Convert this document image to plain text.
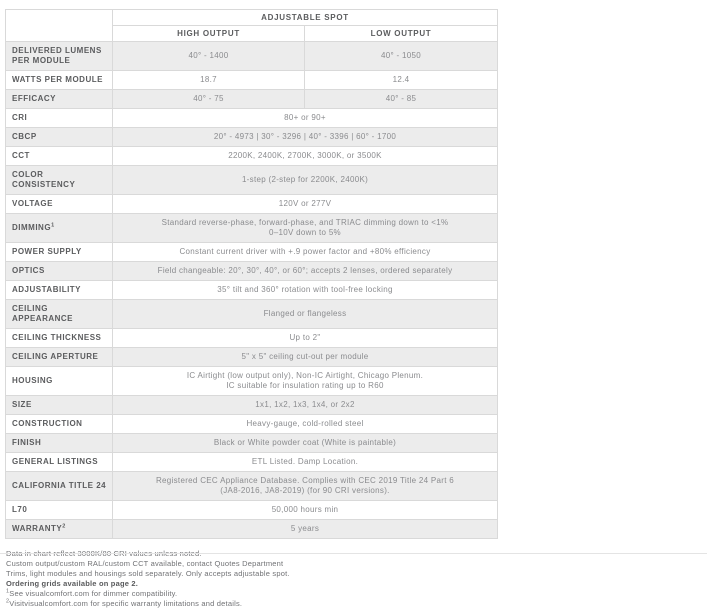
	ADJUSTABLE SPOT	
	HIGH OUTPUT	LOW OUTPUT
DELIVERED LUMENS PER MODULE	40° - 1400	40° - 1050
WATTS PER MODULE	18.7	12.4
EFFICACY	40° - 75	40° - 85
CRI	80+ or 90+	
CBCP	20° - 4973 | 30° - 3296 | 40° - 3396 | 60° - 1700	
CCT	2200K, 2400K, 2700K, 3000K, or 3500K	
COLOR CONSISTENCY	1-step (2-step for 2200K, 2400K)	
VOLTAGE	120V or 277V	
DIMMING$^1$	Standard reverse-phase, forward-phase, and TRIAC dimming down to <1%
0–10V down to 5%	
POWER SUPPLY	Constant current driver with +.9 power factor and +80% efficiency	
OPTICS	Field changeable: 20°, 30°, 40°, or 60°; accepts 2 lenses, ordered separately	
ADJUSTABILITY	35° tilt and 360° rotation with tool-free locking	
CEILING APPEARANCE	Flanged or flangeless	
CEILING THICKNESS	Up to 2"	
CEILING APERTURE	5" x 5" ceiling cut-out per module	
HOUSING	IC Airtight (low output only), Non-IC Airtight, Chicago Plenum.
IC suitable for insulation rating up to R60	
SIZE	1x1, 1x2, 1x3, 1x4, or 2x2	
CONSTRUCTION	Heavy-gauge, cold-rolled steel	
FINISH	Black or White powder coat (White is paintable)	
GENERAL LISTINGS	ETL Listed. Damp Location.	
CALIFORNIA TITLE 24	Registered CEC Appliance Database. Complies with CEC 2019 Title 24 Part 6
(JA8-2016, JA8-2019) (for 90 CRI versions).	
L70	50,000 hours min	
WARRANTY$^2$	5 years	

Data in chart reflect 3000K/80 CRI values unless noted.

Custom output/custom RAL/custom CCT available, contact Quotes Department

Trims, light modules and housings sold separately. Only accepts adjustable spot.

Ordering grids available on page 2.

$^1$See visualcomfort.com for dimmer compatibility.

$^2$Visitvisualcomfort.com for specific warranty limitations and details.
